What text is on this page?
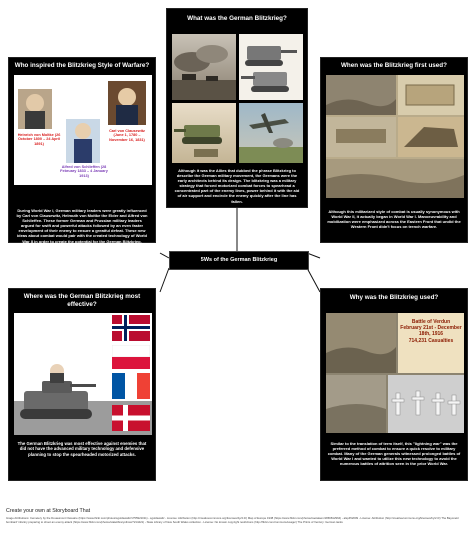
What was the German Blitzkrieg?
Although it was the Allies that dubbed the phrase Blitzkrieg to describe the German military movement, the Germans were the early architects behind its design. The blitzkrieg was a military strategy that forced motorized combat forces to spearhead a concentrated part of the enemy lines, power behind it with the aid of air support and encircle the enemy quickly after the line has fallen.
Who inspired the Blitzkrieg Style of Warfare?
Heinrich von Moltke (26 October 1800 – 24 April 1891)
Carl von Clausewitz (June 1, 1780 – November 16, 1831)
Alfred von Schlieffen (28 February 1833 – 4 January 1913)
During World War I, German military leaders were greatly influenced by Carl von Clausewitz, Helmuth von Moltke the Elder and Alfred von Schlieffen. These former German and Prussian military leaders argued for swift and powerful attacks followed by an even faster envelopment of their enemy to ensure a greatful defeat. These new ideas about combat would pair with the created technology of World War II in order to create the potential for the German Blitzkrieg.
When was the Blitzkrieg first used?
Although this militarized style of combat is usually synonymous with World War II, it actually began in World War I. Manoeuvrability and mobilization were emphasized across the Eastern Front that undid the Western Front didn't focus on trench warfare.
5Ws of the German Blitzkrieg
Where was the German Blitzkrieg most effective?
The German Blitzkrieg was most effective against enemies that did not have the advanced military technology and defensive planning to stop the spearheaded motorized attacks.
Why was the Blitzkrieg used?
Battle of Verdun
February 21st - December
18th, 1916
714,231 Casualties
Similar to the translation of term itself, this "lightning war" was the preferred method of combat to ensure a quick resolve to military combat. Many of the German generals witnessed prolonged battles of World War I and wanted to utilize this new technology to avoid the numerous battles of attrition seen in the prior World War.
Create your own at Storyboard That
Image Attributions: Cemetery by the Douaumont Ossuaire (https://www.flickr.com/photos/sgoldswaltz/1755921011) - sgoldswaltz - License: Attribution (http://creativecommons.org/licenses/by/2.0/) Map of Europe 1938 (https://www.flickr.com/photos/naotakem/1866812964) - alsp452009 - License: Attribution (http://creativecommons.org/licenses/by/2.0/) The Bayonets' bombard' infantry preparing to shoot an enemy attack (https://www.flickr.com/photos/statelibraryofnsw/7214421) - State Library of New South Wales collection - License: No known copyright restrictions (http://flickr.com/commons/usage/) The Prints of Ventury: German tanks
